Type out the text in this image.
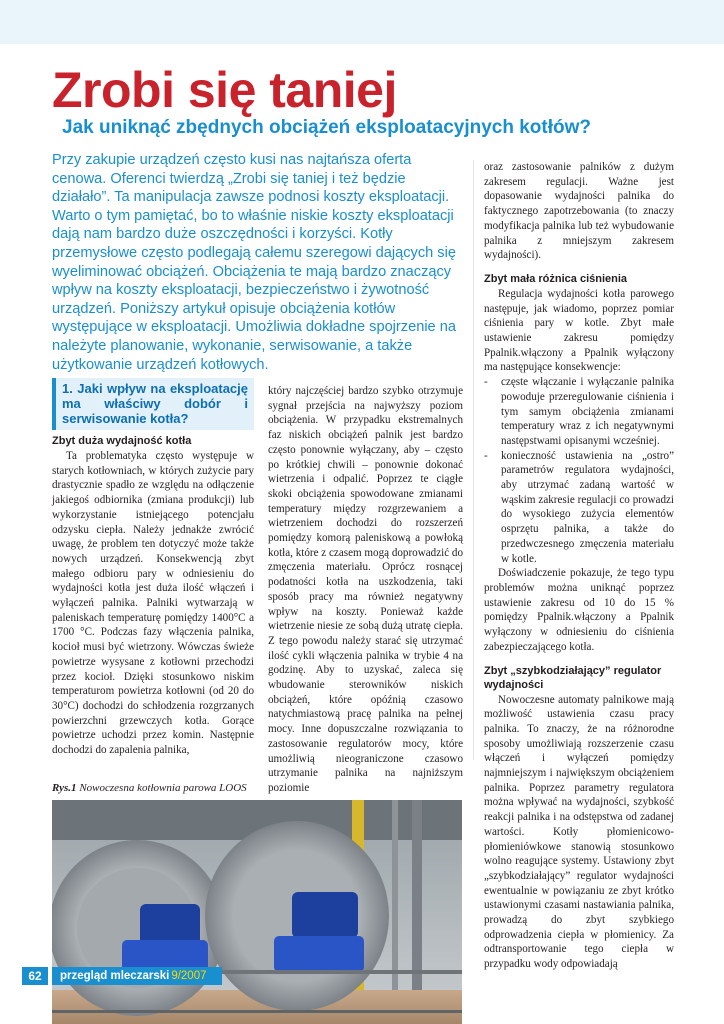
Zrobi się taniej
Jak uniknąć zbędnych obciążeń eksploatacyjnych kotłów?

Przy zakupie urządzeń często kusi nas najtańsza oferta cenowa. Oferenci twierdzą „Zrobi się taniej i też będzie działało”. Ta manipulacja zawsze podnosi koszty eksploatacji. Warto o tym pamiętać, bo to właśnie niskie koszty eksploatacji dają nam bardzo duże oszczędności i korzyści. Kotły przemysłowe często podlegają całemu szeregowi dających się wyeliminować obciążeń. Obciążenia te mają bardzo znaczący wpływ na koszty eksploatacji, bezpieczeństwo i żywotność urządzeń. Poniższy artykuł opisuje obciążenia kotłów występujące w eksploatacji. Umożliwia dokładne spojrzenie na należyte planowanie, wykonanie, serwisowanie, a także użytkowanie urządzeń kotłowych.

1. Jaki wpływ na eksploatację ma właściwy dobór i serwisowanie kotła?
Zbyt duża wydajność kotła

Ta problematyka często występuje w starych kotłowniach, w których zużycie pary drastycznie spadło ze względu na odłączenie jakiegoś odbiornika (zmiana produkcji) lub wykorzystanie istniejącego potencjału odzysku ciepła. Należy jednakże zwrócić uwagę, że problem ten dotyczyć może także nowych urządzeń. Konsekwencją zbyt małego odbioru pary w odniesieniu do wydajności kotła jest duża ilość włączeń i wyłączeń palnika. Palniki wytwarzają w paleniskach temperaturę pomiędzy 1400°C a 1700 °C. Podczas fazy włączenia palnika, kocioł musi być wietrzony. Wówczas świeże powietrze wysysane z kotłowni przechodzi przez kocioł. Dzięki stosunkowo niskim temperaturom powietrza kotłowni (od 20 do 30°C) dochodzi do schłodzenia rozgrzanych powierzchni grzewczych kotła. Gorące powietrze uchodzi przez komin. Następnie dochodzi do zapalenia palnika,

który najczęściej bardzo szybko otrzymuje sygnał przejścia na najwyższy poziom obciążenia. W przypadku ekstremalnych faz niskich obciążeń palnik jest bardzo często ponownie wyłączany, aby – często po krótkiej chwili – ponownie dokonać wietrzenia i odpalić. Poprzez te ciągłe skoki obciążenia spowodowane zmianami temperatury między rozgrzewaniem a wietrzeniem dochodzi do rozszerzeń pomiędzy komorą paleniskową a powłoką kotła, które z czasem mogą doprowadzić do zmęczenia materiału. Oprócz rosnącej podatności kotła na uszkodzenia, taki sposób pracy ma również negatywny wpływ na koszty. Ponieważ każde wietrzenie niesie ze sobą dużą utratę ciepła. Z tego powodu należy starać się utrzymać ilość cykli włączenia palnika w trybie 4 na godzinę. Aby to uzyskać, zaleca się wbudowanie sterowników niskich obciążeń, które opóźnią czasowo natychmiastową pracę palnika na pełnej mocy. Inne dopuszczalne rozwiązania to zastosowanie regulatorów mocy, które umożliwią nieograniczone czasowo utrzymanie palnika na najniższym poziomie

oraz zastosowanie palników z dużym zakresem regulacji. Ważne jest dopasowanie wydajności palnika do faktycznego zapotrzebowania (to znaczy modyfikacja palnika lub też wybudowanie palnika z mniejszym zakresem wydajności).

Zbyt mała różnica ciśnienia

Regulacja wydajności kotła parowego następuje, jak wiadomo, poprzez pomiar ciśnienia pary w kotle. Zbyt małe ustawienie zakresu pomiędzy Ppalnik.włączony a Ppalnik wyłączony ma następujące konsekwencje:

- częste włączanie i wyłączanie palnika powoduje przeregulowanie ciśnienia i tym samym obciążenia zmianami temperatury wraz z ich negatywnymi następstwami opisanymi wcześniej.
- konieczność ustawienia na „ostro” parametrów regulatora wydajności, aby utrzymać zadaną wartość w wąskim zakresie regulacji co prowadzi do wysokiego zużycia elementów osprzętu palnika, a także do przedwczesnego zmęczenia materiału w kotle.

Doświadczenie pokazuje, że tego typu problemów można uniknąć poprzez ustawienie zakresu od 10 do 15 % pomiędzy Ppalnik.włączony a Ppalnik wyłączony w odniesieniu do ciśnienia zabezpieczającego kotła.

Zbyt „szybkodziałający” regulator wydajności

Nowoczesne automaty palnikowe mają możliwość ustawienia czasu pracy palnika. To znaczy, że na różnorodne sposoby umożliwiają rozszerzenie czasu włączeń i wyłączeń pomiędzy najmniejszym i największym obciążeniem palnika. Poprzez parametry regulatora można wpływać na wydajności, szybkość reakcji palnika i na odstępstwa od zadanej wartości. Kotły płomienicowo-płomieniówkowe stanowią stosunkowo wolno reagujące systemy. Ustawiony zbyt „szybkodziałający” regulator wydajności ewentualnie w powiązaniu ze zbyt krótko ustawionymi czasami nastawiania palnika, prowadzą do zbyt szybkiego odprowadzenia ciepła w płomienicy. Za odtransportowanie tego ciepła w przypadku wody odpowiadają

Rys.1 Nowoczesna kotłownia parowa LOOS
62	przegląd mleczarski 9/2007
